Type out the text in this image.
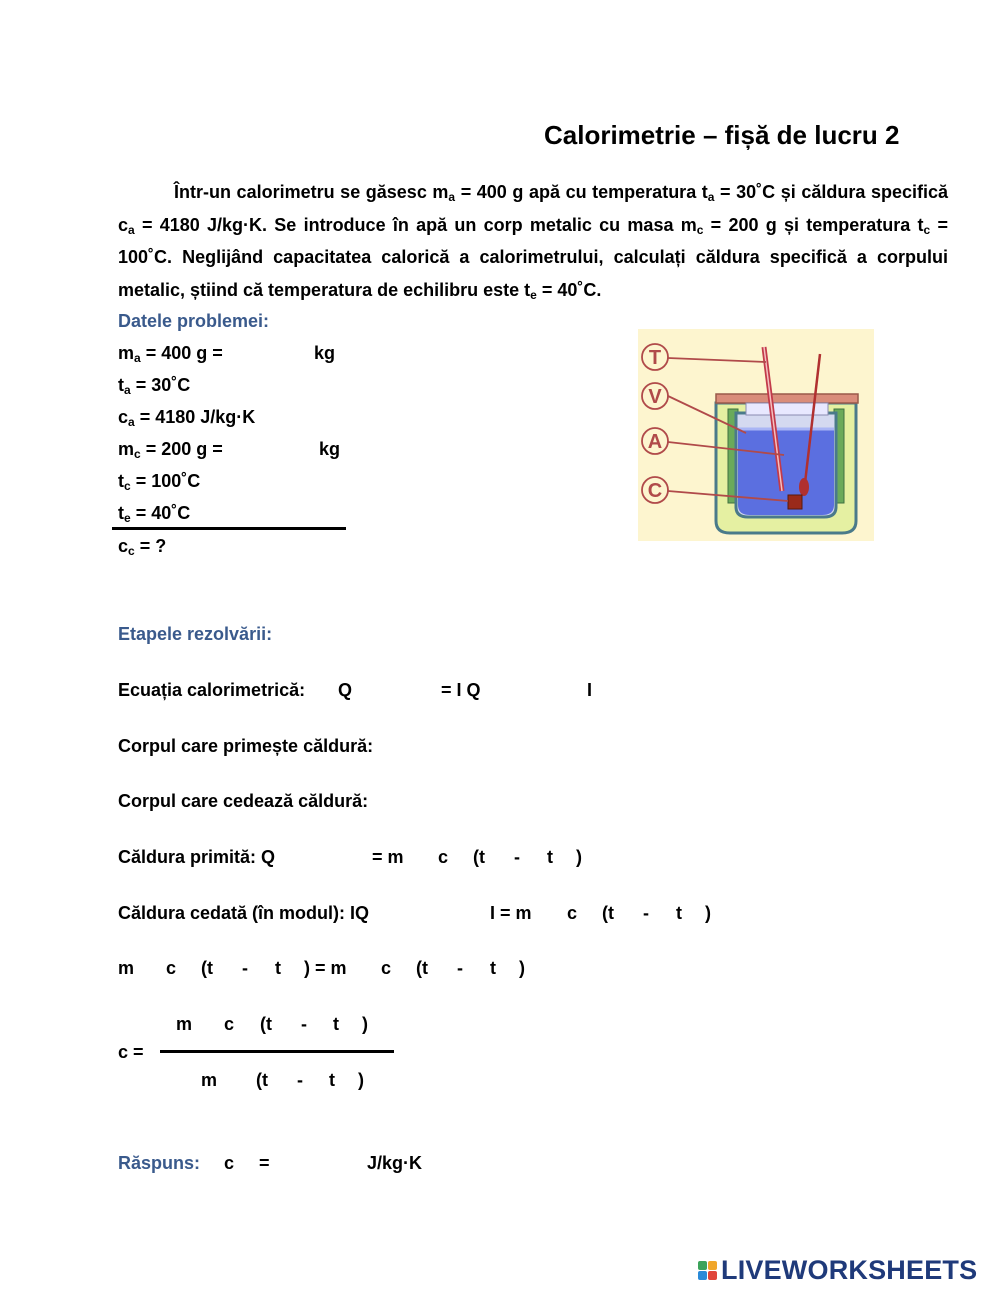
Calorimetrie – fișă de lucru 2

Într-un calorimetru se găsesc $m_a = 400$ g apă cu temperatura $t_a$ = 30˚C și căldura specifică $c_a = 4180$ J/kg·K. Se introduce în apă un corp metalic cu masa $m_c = 200$ g și temperatura $t_c$ = 100˚C. Neglijând capacitatea calorică a calorimetrului, calculați căldura specifică a corpului metalic, știind că temperatura de echilibru este $t_e$ = 40˚C.

Datele problemei:
$m_a = 400$ g =	kg
$t_a$ = 30˚C
$c_a = 4180$ J/kg·K
$m_c = 200$ g =	kg
$t_c$ = 100˚C
$t_e$ = 40˚C
$c_c$ = ?
T
V
A
C
Etapele rezolvării:
Ecuația calorimetrică: Q	= I Q	I
Corpul care primește căldură:
Corpul care cedează căldură:
Căldura primită: Q	= m c (t - t )
Căldura cedată (în modul): IQ	I = m c (t - t )
m c (t - t ) = m c (t - t )
m c (t - t )
c =
m (t - t )
Răspuns: c =	J/kg·K
LIVEWORKSHEETS
